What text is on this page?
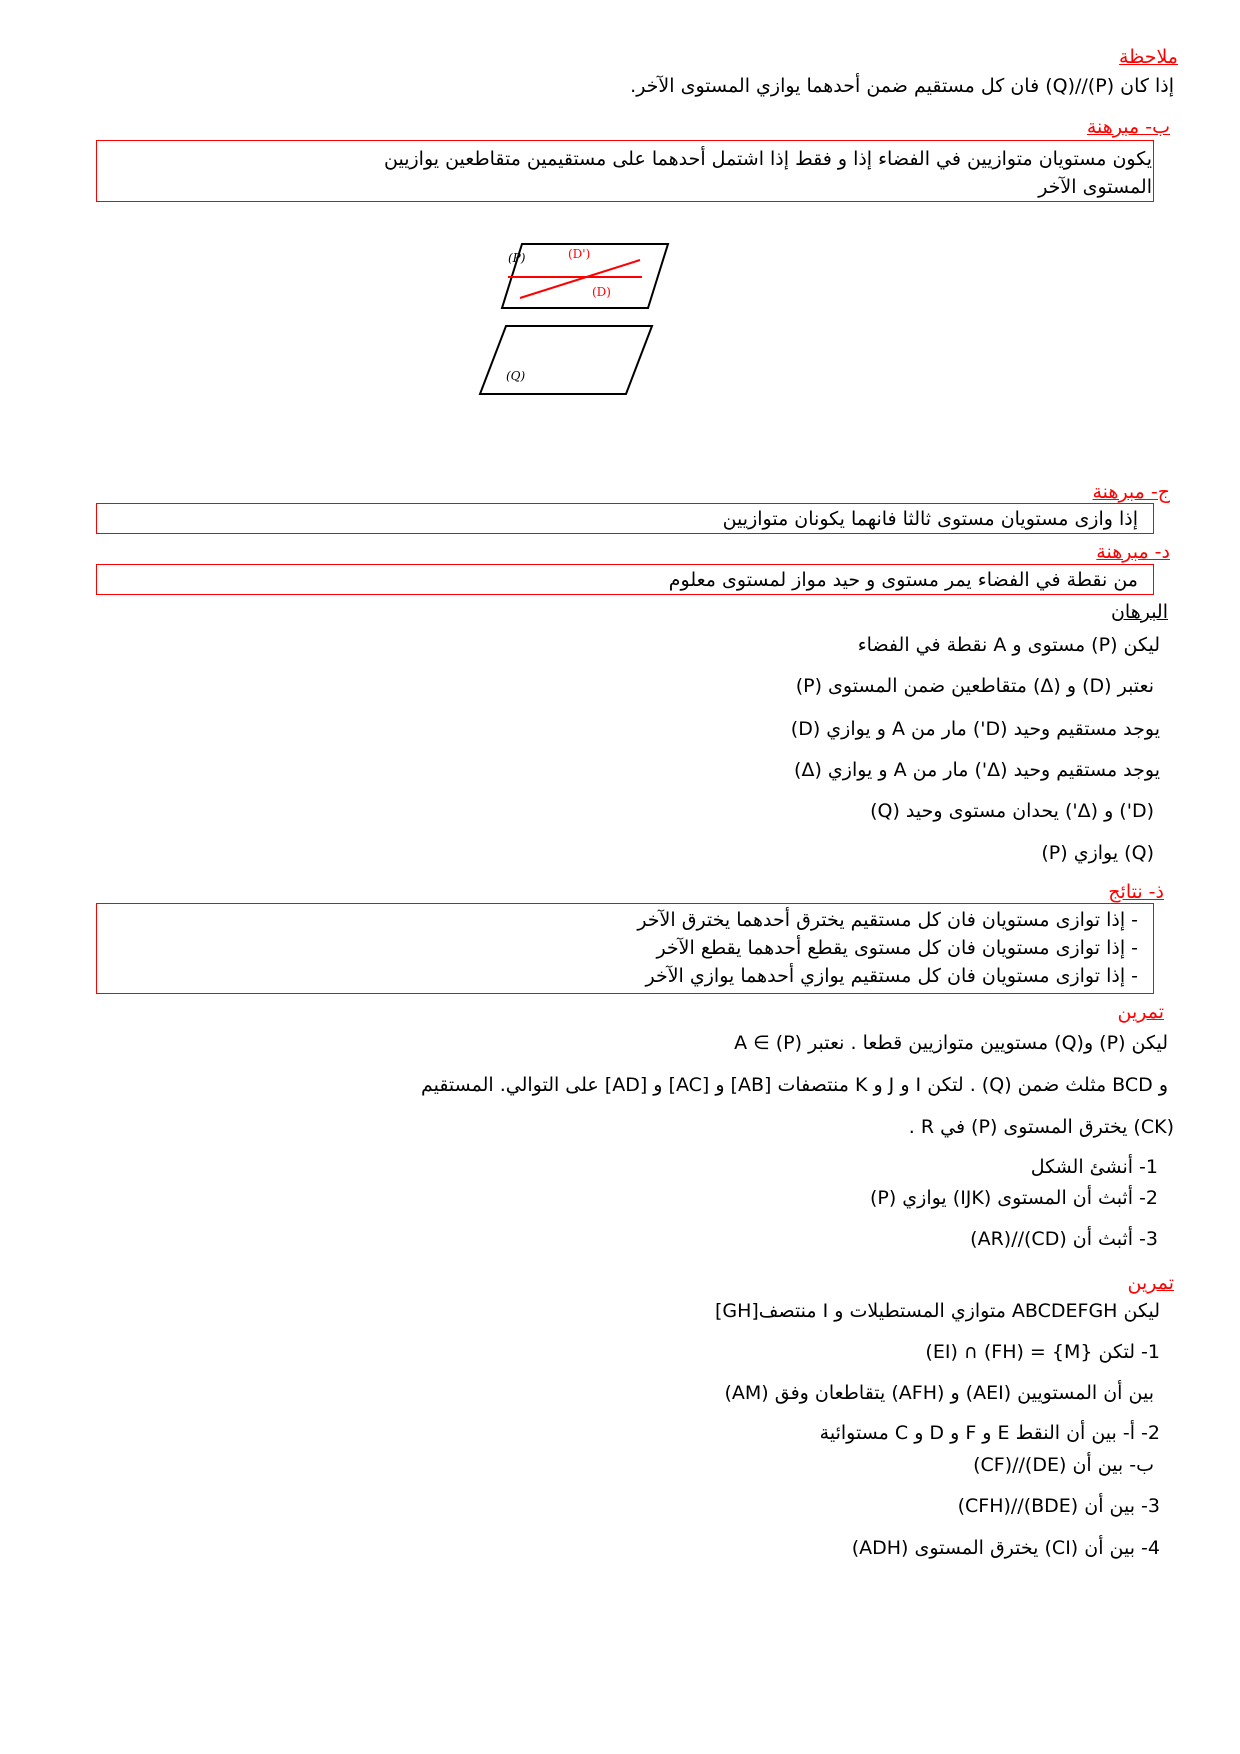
ملاحظة
إذا كان (P)//(Q) فان كل مستقيم ضمن أحدهما يوازي المستوى الآخر.
ب- مبرهنة
يكون مستويان متوازيين في الفضاء إذا و فقط إذا اشتمل أحدهما على مستقيمين متقاطعين يوازيين
المستوى الآخر
(P)	(D')
(D)
(Q)
ج- مبرهنة
إذا وازى مستويان مستوى ثالثا فانهما يكونان متوازيين
د- مبرهنة
من نقطة في الفضاء يمر مستوى و حيد مواز لمستوى معلوم
البرهان
ليكن (P) مستوى و A نقطة في الفضاء
نعتبر (D) و (Δ) متقاطعين ضمن المستوى (P)
يوجد مستقيم وحيد (D') مار من A و يوازي (D)
يوجد مستقيم وحيد (Δ') مار من A و يوازي (Δ)
(D') و (Δ') يحدان مستوى وحيد (Q)
(Q) يوازي (P)
ذ- نتائج
- إذا توازى مستويان فان كل مستقيم يخترق أحدهما يخترق الآخر
- إذا توازى مستويان فان كل مستوى يقطع أحدهما يقطع الآخر
- إذا توازى مستويان فان كل مستقيم يوازي أحدهما يوازي الآخر
تمرين
ليكن (P) و(Q) مستويين متوازيين قطعا . نعتبر A ∈ (P)
و BCD مثلث ضمن (Q) . لتكن I و J و K منتصفات [AB] و [AC] و [AD] على التوالي. المستقيم
(CK) يخترق المستوى (P) في R .
1- أنشئ الشكل
2- أثبث أن المستوى (IJK) يوازي (P)
3- أثبث أن (CD)//(AR)
تمرين
ليكن ABCDEFGH متوازي المستطيلات و I منتصف[GH]
1- لتكن {M} = (FH) ∩ (EI)
بين أن المستويين (AEI) و (AFH) يتقاطعان وفق (AM)
2- أ- بين أن النقط E و F و D و C مستوائية
ب- بين أن (DE)//(CF)
3- بين أن (BDE)//(CFH)
4- بين أن (CI) يخترق المستوى (ADH)
